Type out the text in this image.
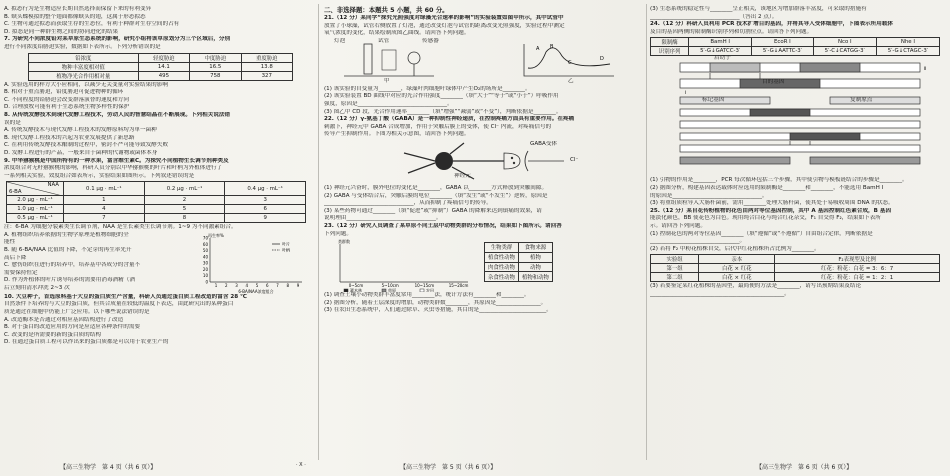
A. 拟态行为是生物适应长期自然选择而保留下来的有利变异
B. 蛱头蝶模拟的整个翅面都像蛱头的翅，这属于形态拟态
C. 生物可通过拟态而获取生存的生态位，有利于种群对生存空间的占有
D. 拟态是同一种群生物之间的协同进化的结果
7. 为研究不同浓度铅对某草原生态系统的影响，研究小组将该草原划分为三个区域后，分别
进行不同浓度铅胁迫实验，数据如下表所示。下列分析错误的是
铅浓度	轻度胁迫	中度胁迫	重度胁迫
物种丰富度相对值	14.1	16.5	13.8
植物净光合作用相对量	495	758	327
A. 实验选用的样方大小应相同，以减少无关变量对实验结果的影响
B. 相对于重点胁迫，铅度胁迫可促进物种的循环
C. 不同程度的铅胁迫会改变群落演替的速度和方向
D. 合理放牧可能有利于生态系统生物多样性的保护
8. 从传统发酵技术到现代发酵工程技术，劳动人民的智慧结晶在不断展现。下列相关说法错
误的是
A. 传统发酵技术与现代发酵工程技术的发酵原料均为单一菌种
B. 现代发酵工程技术的兴起为农业发展提供了新思路
C. 在利用传统发酵技术酿制的过程中，密封不严可能导致发酵失败
D. 发酵工程进行的产品，一般来自于菌种的代谢物或菌体本身
9. 中华猕猴桃是中国所特有的一种水果，富含维生素C。为探究不同植物生长调节剂种类及
浓度组合对无籽猕猴桃的影响，科研人员分别以中华猕猴桃的叶片和叶柄为外植体进行了
一系列相关实验，效度组合如表所示，实验结果如图所示。下列叙述错误的是
NAA
6-BA	0.1 μg · mL⁻¹	0.2 μg · mL⁻¹	0.4 μg · mL⁻¹
2.0 μg · mL⁻¹	1	2	3
1.0 μg · mL⁻¹	4	5	6
0.5 μg · mL⁻¹	7	8	9
注：6-BA 为细胞分裂素类生长调节剂，NAA 是生长素类生长调节剂。1~9 为不同激素组合。
A. 植物组织培养依据的生物学原理是植物细胞的全
能性
B. 随 6-BA/NAA 比值的下降，不定芽的再生率先升
高后下降
C. 愈伤组织在进行的培养中，培养基中各成分的含量不
需要保持恒定
D. 作为外植体的叶片诱导培养的需要用消毒酒精（酒
后立刻用清水冲洗 2~3 次
0
10
20
30
40
50
60
70
1 2 3 4 5 6 7 8 9
再生率%
6-BA/NAA浓度组合
叶片
叶柄
10. 大豆种子，首选原料基于大豆的蛋白质生产含量，科研人员通过蛋白质工程改造的富含 28 ℃
自然条件下培养的与大豆的蛋白质，但其合成量在较低的温度下表达，由此研究出的某种蛋白
质是通过在细胞中仍能上广泛应用。以下哪些说法错误的是
A. 改造酶本是否通过对相应基因结构进行了改造
B. 对于蛋白的改造应用的方向是应适应各种条件的需要
C. 改变的是所需要的新的蛋白质的结构
D. 在通过蛋白质工程可以作出来的蛋白质都是可以用于农业生产的
二、非选择题：本题共 5 小题，共 60 分。
21.（12 分）某同学“探究光照强度对绿藻光合速率的影响”的实验装置如图甲所示，其中试管中
放置了小球藻，试管右侧放置了灯泡，通过改变灯泡与试管的距离改变光照强度，实验过程中测定
氧气浓度的变化，结果绘制成图乙曲线。请回答下列问题。
A B
C
D
灯泡	试管	传感器
甲	乙
(1) 该实验的自变量为________，绿藻叶肉细胞叶绿体中产生O₂的场所是________。
(2) 该实验装置 BD 曲线中对应的光合作用强度________（填“大于”“等于”或“小于”）呼吸作用
强度，原因是________________________________。
(3) 图乙中 CD 段，光合作用速率________（填“增强”“减弱”或“不变”），判断依据是________。
22.（12 分）γ-氨基丁酸（GABA）是一种抑制性神经递质，在控制疼痛方面具有重要作用。在疼痛
刺激下，神经元中 GABA 合成增加，作用于突触后膜上的受体，使 Cl⁻ 内流，对疼痛信号的
传导产生抑制作用。下图为相关示意图，请回答下列问题。
神经元
GABA受体
Cl⁻
(1) 神经元兴奋时，膜外电位的变化是________，GABA 以________方式释放到突触间隙。
(2) GABA 与受体结合后，突触后膜的电位________（填“发生”或“不发生”）逆转，原因是
________________________________，从而抑制了疼痛信号的传导。
(3) 某些药物可通过________（填“促进”或“抑制”）GABA 的降解来达到镇痛的效果，请
说明理由________________________________。
23.（12 分）研究人员调查了某草原不同土层中动物类群的分布情况，结果如下图所示。请回答
下列问题。
类群数
0~5cm	5~10cm	10~15cm	15~20cm
灌木林	草原	农田
生物类群	食物来源
植食性动物	植物
肉食性动物	动物
杂食性动物	植物和动物
(1) 调查土壤小动物类群丰富度常用________法，统计方法有________和________。
(2) 据图分析，随着土层深度的增加，动物类群数________，其原因是________________。
(3) 在农田生态系统中，人们通过除草、灭虫等措施，其目的是________________________。
(3) 生态系统的稳定性与________呈正相关，该地区为增加群落丰富度，可采取的措施有
________________________________（答出 2 点）。
24.（12 分）科研人员利用 PCR 技术扩增目的基因，并将其导入受体细胞中，下图表示所用载体
及目的基因两侧的限制酶识别序列和切割位点。请回答下列问题。
限制酶	BamH Ⅰ	EcoR Ⅰ	Nco Ⅰ	Nhe Ⅰ
识别序列	5′-G↓GATCC-3′	5′-G↓AATTC-3′	5′-C↓CATGG-3′	5′-G↓CTAGC-3′
Ⅰ
Ⅱ
启动子
目的基因
复制原点
标记基因
(1) 引物的作用是________，PCR 每次循环包括三个步骤，其中使引物与模板链结合的步骤是________。
(2) 据图分析，构建基因表达载体时应选用的限制酶是________和________，不能选用 BamH Ⅰ
的原因是________________________________。
(3) 将重组质粒导入大肠杆菌前，需用________处理大肠杆菌，使其处于易吸收周围 DNA 的状态。
25.（12 分）某自花传粉植物的花色由两对等位基因控制，其中 A 基因控制红色素合成，B 基因
能淡化颜色，BB 使花色为白色。现用纯合白花与纯合红花杂交，F₁ 自交得 F₂，结果如下表所
示。请回答下列问题。
(1) 控制花色的两对等位基因________（填“遵循”或“不遵循”）自由组合定律，判断依据是
________________________________。
(2) 若将 F₂ 中粉花植株自交，后代中红花植株所占比例为________。
实验组	亲本	F₂表现型及比例
第一组	白花 × 红花	红花：粉花：白花 = 3：6：7
第二组	白花 × 红花	红花：粉花：白花 = 1：2：1
(3) 若要鉴定某红花植株的基因型，最简便的方法是________，请写出预期结果及结论
________________________________________________。
【高三生物学　第 4 页（共 6 页）】	· X ·	【高三生物学　第 5 页（共 6 页）】	【高三生物学　第 6 页（共 6 页）】
